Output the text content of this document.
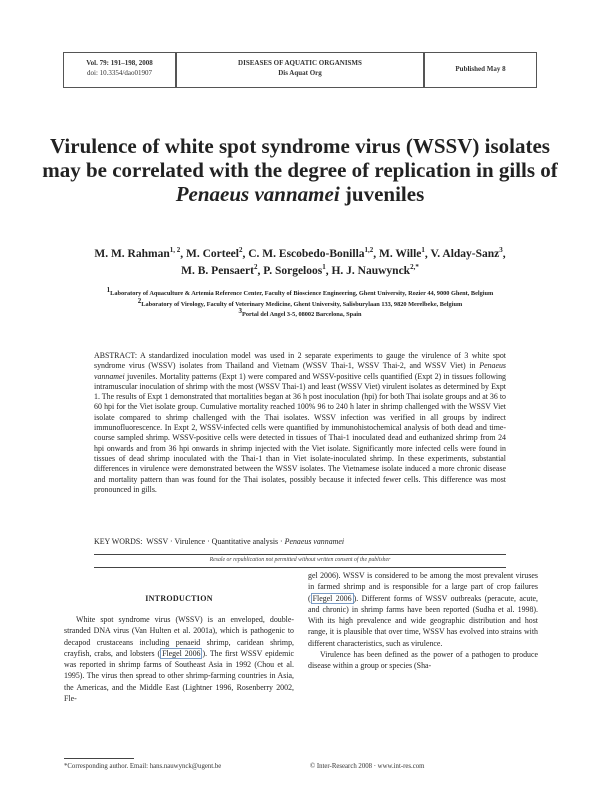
Vol. 79: 191–198, 2008
doi: 10.3354/dao01907
DISEASES OF AQUATIC ORGANISMS
Dis Aquat Org	Published May 8
Virulence of white spot syndrome virus (WSSV) isolates may be correlated with the degree of replication in gills of Penaeus vannamei juveniles
M. M. Rahman$^{1, 2}$, M. Corteel$^2$, C. M. Escobedo-Bonilla$^{1,2}$, M. Wille$^1$, V. Alday-Sanz$^3$,
M. B. Pensaert$^2$, P. Sorgeloos$^1$, H. J. Nauwynck$^{2,*}$
$^1$Laboratory of Aquaculture & Artemia Reference Center, Faculty of Bioscience Engineering, Ghent University, Rozier 44, 9000 Ghent, Belgium
$^2$Laboratory of Virology, Faculty of Veterinary Medicine, Ghent University, Salisburylaan 133, 9820 Merelbeke, Belgium
$^3$Portal del Angel 3-5, 08002 Barcelona, Spain

ABSTRACT: A standardized inoculation model was used in 2 separate experiments to gauge the virulence of 3 white spot syndrome virus (WSSV) isolates from Thailand and Vietnam (WSSV Thai-1, WSSV Thai-2, and WSSV Viet) in Penaeus vannamei juveniles. Mortality patterns (Expt 1) were compared and WSSV-positive cells quantified (Expt 2) in tissues following intramuscular inoculation of shrimp with the most (WSSV Thai-1) and least (WSSV Viet) virulent isolates as determined by Expt 1. The results of Expt 1 demonstrated that mortalities began at 36 h post inoculation (hpi) for both Thai isolate groups and at 36 to 60 hpi for the Viet isolate group. Cumulative mortality reached 100% 96 to 240 h later in shrimp challenged with the WSSV Viet isolate compared to shrimp challenged with the Thai isolates. WSSV infection was verified in all groups by indirect immunofluorescence. In Expt 2, WSSV-infected cells were quantified by immunohistochemical analysis of both dead and time-course sampled shrimp. WSSV-positive cells were detected in tissues of Thai-1 inoculated dead and euthanized shrimp from 24 hpi onwards and from 36 hpi onwards in shrimp injected with the Viet isolate. Significantly more infected cells were found in tissues of dead shrimp inoculated with the Thai-1 than in Viet isolate-inoculated shrimp. In these experiments, substantial differences in virulence were demonstrated between the WSSV isolates. The Vietnamese isolate induced a more chronic disease and mortality pattern than was found for the Thai isolates, possibly because it infected fewer cells. This difference was most pronounced in gills.

KEY WORDS: WSSV · Virulence · Quantitative analysis · Penaeus vannamei
Resale or republication not permitted without written consent of the publisher
INTRODUCTION

White spot syndrome virus (WSSV) is an enveloped, double-stranded DNA virus (Van Hulten et al. 2001a), which is pathogenic to decapod crustaceans including penaeid shrimp, caridean shrimp, crayfish, crabs, and lobsters ( Flegel 2006 ). The first WSSV epidemic was reported in shrimp farms of Southeast Asia in 1992 (Chou et al. 1995). The virus then spread to other shrimp-farming countries in Asia, the Americas, and the Middle East (Lightner 1996, Rosenberry 2002, Fle-

gel 2006). WSSV is considered to be among the most prevalent viruses in farmed shrimp and is responsible for a large part of crop failures ( Flegel 2006 ). Different forms of WSSV outbreaks (peracute, acute, and chronic) in shrimp farms have been reported (Sudha et al. 1998). With its high prevalence and wide geographic distribution and host range, it is plausible that over time, WSSV has evolved into strains with different characteristics, such as virulence.

Virulence has been defined as the power of a pathogen to produce disease within a group or species (Sha-

*Corresponding author. Email: hans.nauwynck@ugent.be	© Inter-Research 2008 · www.int-res.com
